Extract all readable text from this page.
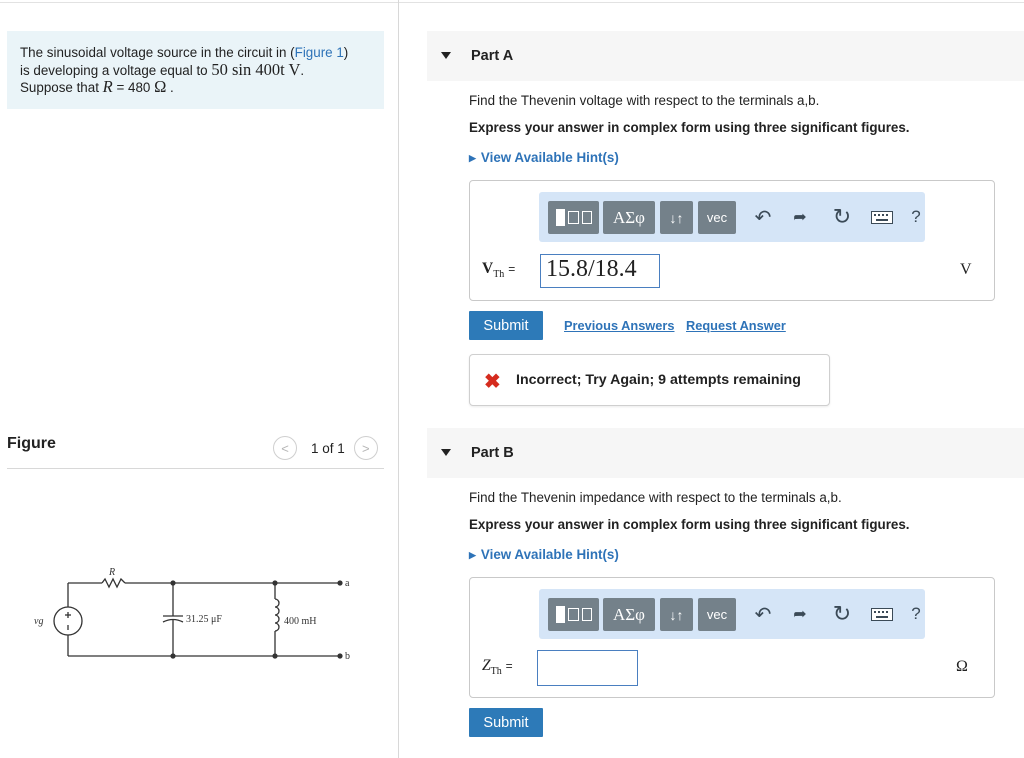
The sinusoidal voltage source in the circuit in (Figure 1)
is developing a voltage equal to 50 sin 400t V.
Suppose that R = 480 Ω .
Figure	< 1 of 1 >
R
vg	31.25 μF	400 mH
a
b
Part A
Find the Thevenin voltage with respect to the terminals a,b.
Express your answer in complex form using three significant figures.
▶ View Available Hint(s)
ΑΣφ	↓↑	vec	↶	➦ ↻	?
$V_{Th} = 15.8/18.4$	V
Submit	Previous Answers Request Answer
✖ Incorrect; Try Again; 9 attempts remaining
Part B
Find the Thevenin impedance with respect to the terminals a,b.
Express your answer in complex form using three significant figures.
▶ View Available Hint(s)
ΑΣφ	↓↑	vec	↶	➦ ↻	?
$Z_{Th}$ =	Ω
Submit
